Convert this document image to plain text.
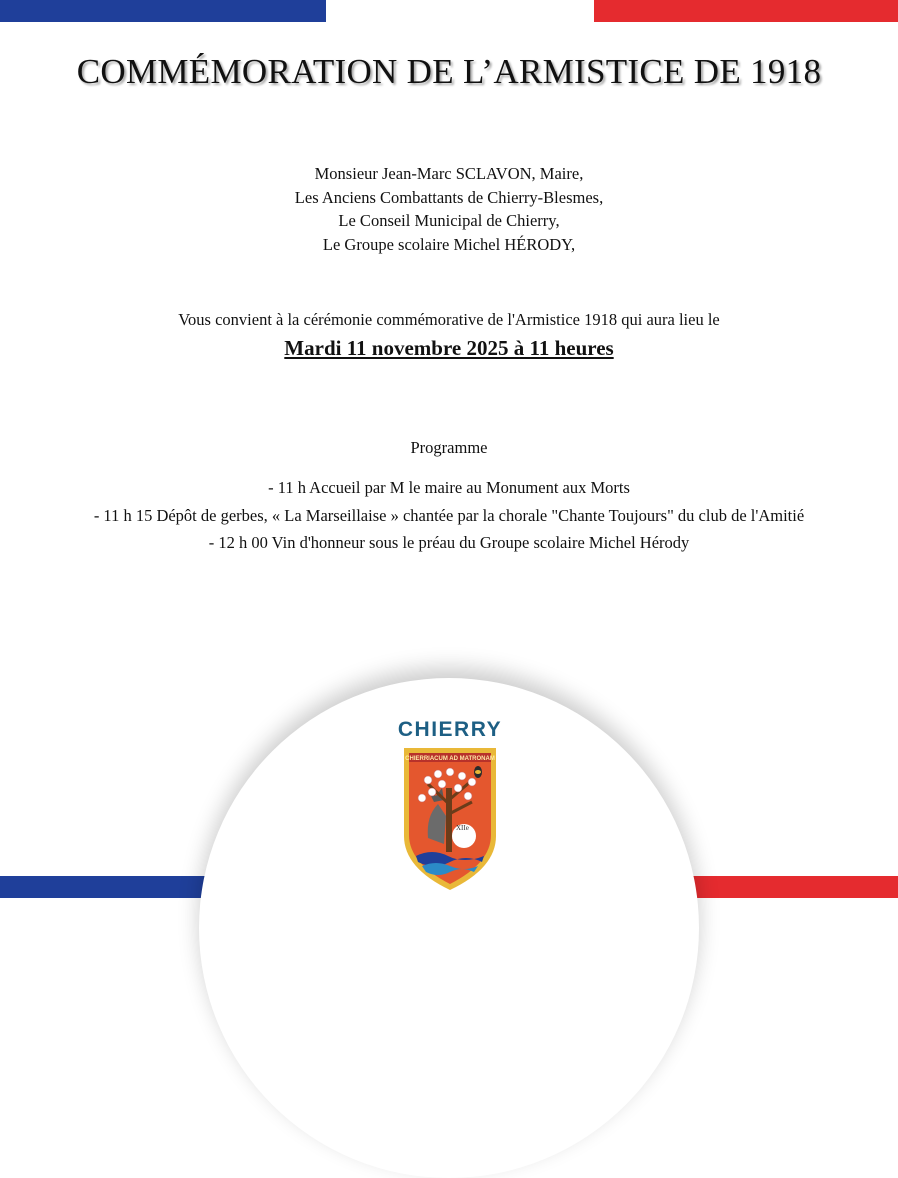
COMMÉMORATION DE L’ARMISTICE DE 1918
Monsieur Jean-Marc SCLAVON, Maire,
Les Anciens Combattants de Chierry-Blesmes,
Le Conseil Municipal de Chierry,
Le Groupe scolaire Michel HÉRODY,
Vous convient à la cérémonie commémorative de l'Armistice 1918 qui aura lieu le
Mardi 11 novembre 2025 à 11 heures
Programme
- 11 h Accueil par M le maire au Monument aux Morts
- 11 h 15 Dépôt de gerbes, « La Marseillaise » chantée par la chorale "Chante Toujours" du club de l'Amitié
- 12 h 00 Vin d'honneur sous le préau du Groupe scolaire Michel Hérody
CHIERRY
CHIERRIACUM AD MATRONAM
XIIe
